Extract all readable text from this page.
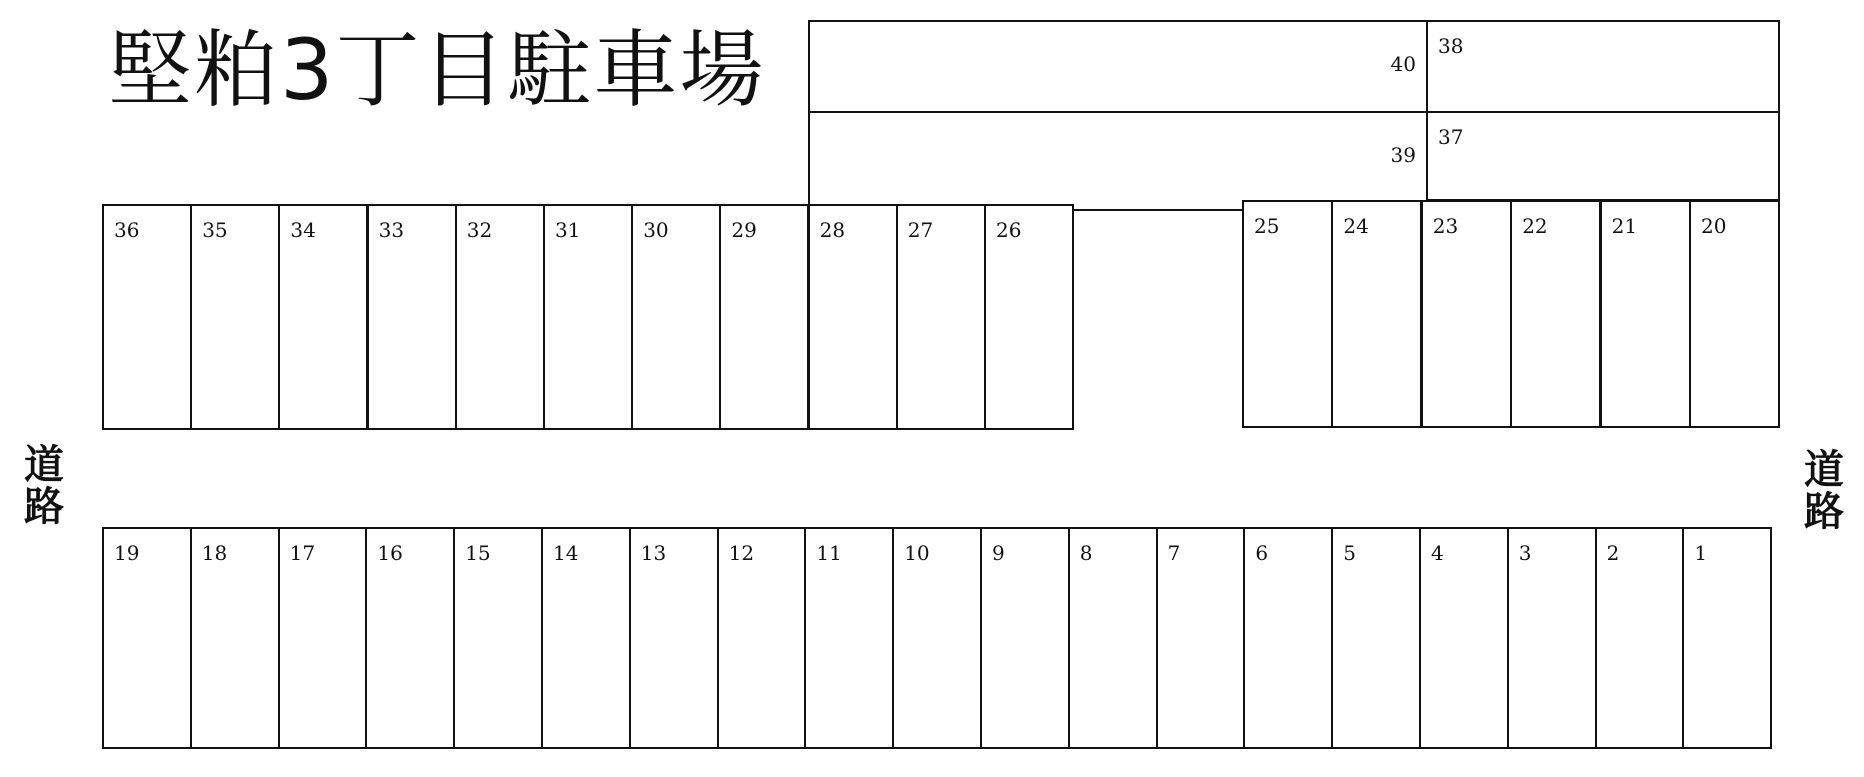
堅粕3丁目駐車場
道
路
道
路
40
38
39
37
36	35	34	33	32	31	30	29	28	27	26	25	24	23	22	21	20
19	18	17	16	15	14	13	12	11	10	9	8	7	6	5	4	3	2	1
